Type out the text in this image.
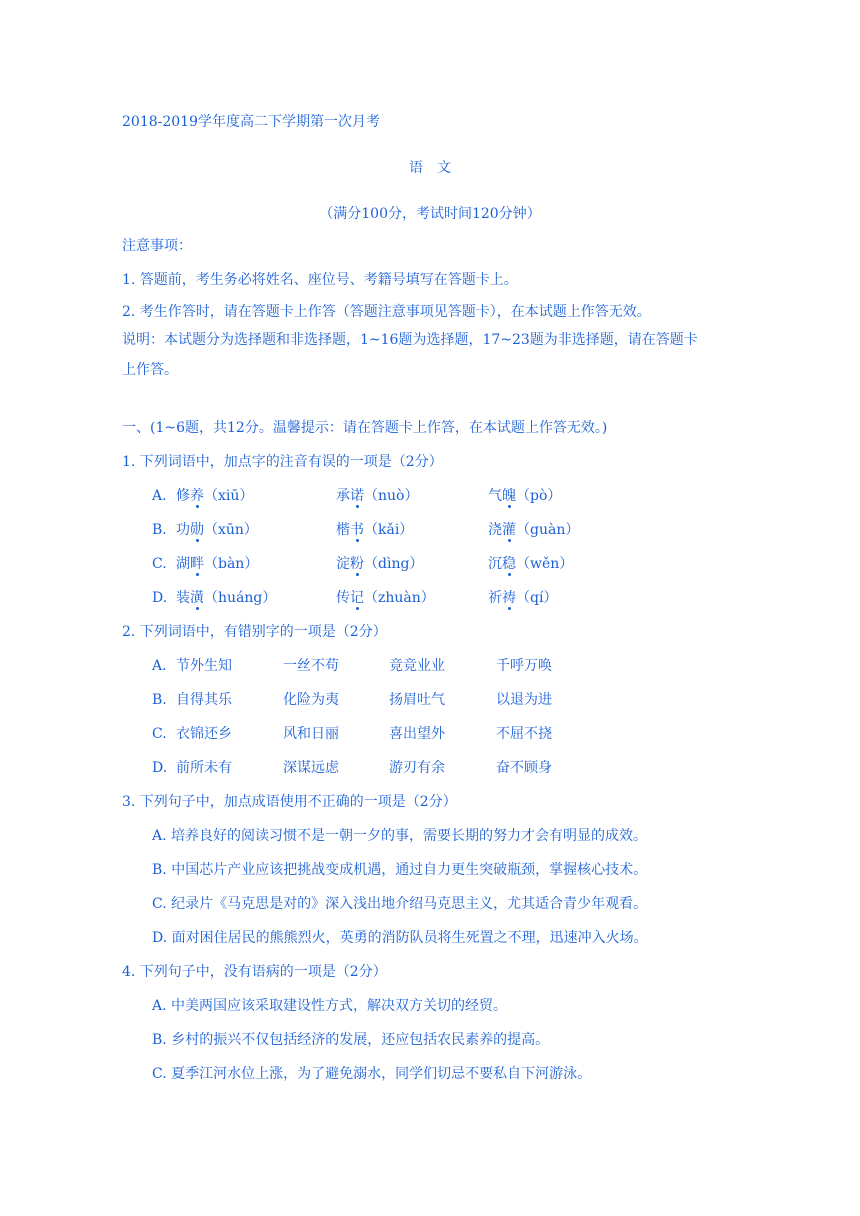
2018-2019学年度高二下学期第一次月考
语　文
（满分100分，考试时间120分钟）
注意事项：
1. 答题前，考生务必将姓名、座位号、考籍号填写在答题卡上。
2. 考生作答时，请在答题卡上作答（答题注意事项见答题卡），在本试题上作答无效。
说明：本试题分为选择题和非选择题，1~16题为选择题，17~23题为非选择题，请在答题卡
上作答。
一、(1~6题，共12分。温馨提示：请在答题卡上作答，在本试题上作答无效。)
1. 下列词语中，加点字的注音有误的一项是（2分）
A. 修养（xiū）	承诺（nuò）	气魄（pò）
B. 功勋（xūn）	楷书（kǎi）	浇灌（guàn）
C. 湖畔（bàn）	淀粉（dìng）	沉稳（wěn）
D. 装潢（huáng）	传记（zhuàn）	祈祷（qí）
2. 下列词语中，有错别字的一项是（2分）
A. 节外生知	一丝不苟	竞竞业业	千呼万唤
B. 自得其乐	化险为夷	扬眉吐气	以退为进
C. 衣锦还乡	风和日丽	喜出望外	不屈不挠
D. 前所未有	深谋远虑	游刃有余	奋不顾身
3. 下列句子中，加点成语使用不正确的一项是（2分）
A. 培养良好的阅读习惯不是一朝一夕的事，需要长期的努力才会有明显的成效。
B. 中国芯片产业应该把挑战变成机遇，通过自力更生突破瓶颈，掌握核心技术。
C. 纪录片《马克思是对的》深入浅出地介绍马克思主义，尤其适合青少年观看。
D. 面对困住居民的熊熊烈火，英勇的消防队员将生死置之不理，迅速冲入火场。
4. 下列句子中，没有语病的一项是（2分）
A. 中美两国应该采取建设性方式，解决双方关切的经贸。
B. 乡村的振兴不仅包括经济的发展，还应包括农民素养的提高。
C. 夏季江河水位上涨，为了避免溺水，同学们切忌不要私自下河游泳。
